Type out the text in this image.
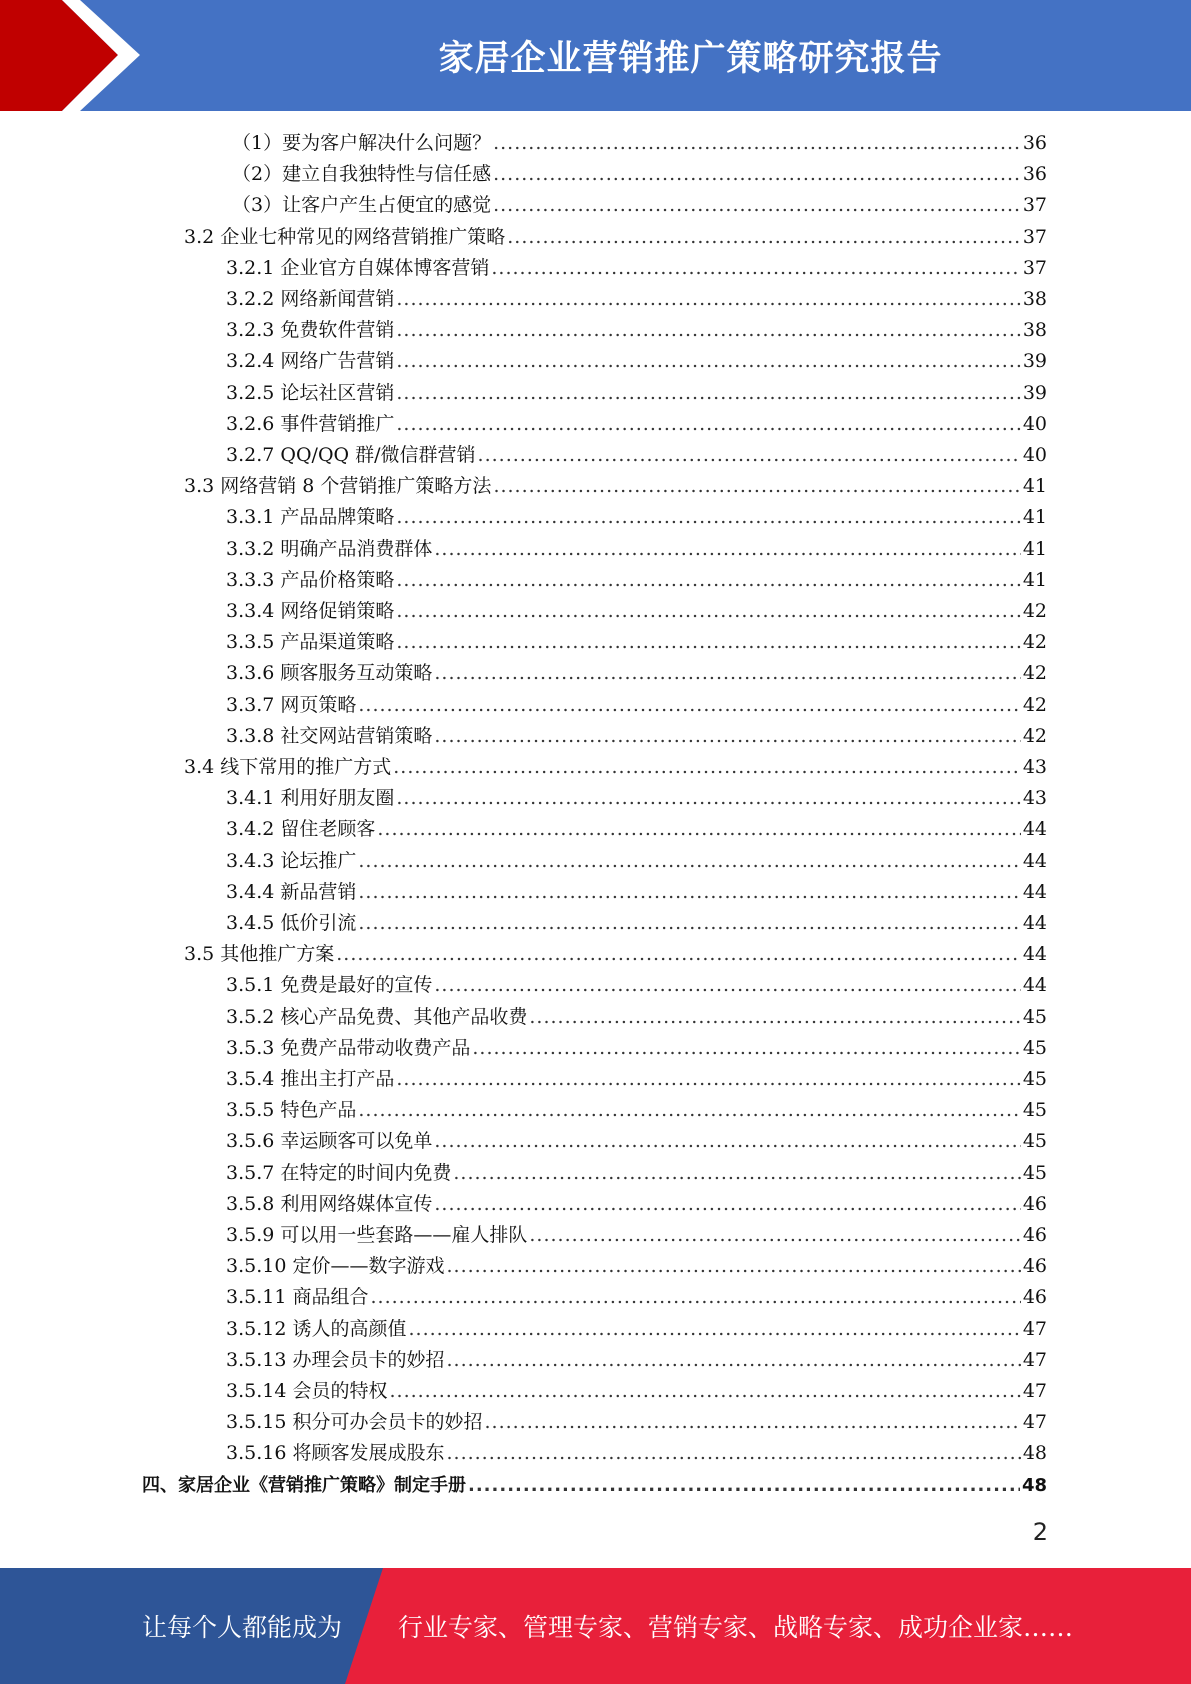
家居企业营销推广策略研究报告
（1）要为客户解决什么问题？ .....	36
（2）建立自我独特性与信任感 .....	36
（3）让客户产生占便宜的感觉 .....	37
3.2 企业七种常见的网络营销推广策略 .....	37
3.2.1 企业官方自媒体博客营销 .....	37
3.2.2 网络新闻营销 .....	38
3.2.3 免费软件营销 .....	38
3.2.4 网络广告营销 .....	39
3.2.5 论坛社区营销 .....	39
3.2.6 事件营销推广 .....	40
3.2.7 QQ/QQ 群/微信群营销 .....	40
3.3 网络营销 8 个营销推广策略方法 .....	41
3.3.1 产品品牌策略 .....	41
3.3.2 明确产品消费群体 .....	41
3.3.3 产品价格策略 .....	41
3.3.4 网络促销策略 .....	42
3.3.5 产品渠道策略 .....	42
3.3.6 顾客服务互动策略 .....	42
3.3.7 网页策略 .....	42
3.3.8 社交网站营销策略 .....	42
3.4 线下常用的推广方式 .....	43
3.4.1 利用好朋友圈 .....	43
3.4.2 留住老顾客 .....	44
3.4.3 论坛推广 .....	44
3.4.4 新品营销 .....	44
3.4.5 低价引流 .....	44
3.5 其他推广方案 .....	44
3.5.1 免费是最好的宣传 .....	44
3.5.2 核心产品免费、其他产品收费 .....	45
3.5.3 免费产品带动收费产品 .....	45
3.5.4 推出主打产品 .....	45
3.5.5 特色产品 .....	45
3.5.6 幸运顾客可以免单 .....	45
3.5.7 在特定的时间内免费 .....	45
3.5.8 利用网络媒体宣传 .....	46
3.5.9 可以用一些套路——雇人排队 .....	46
3.5.10 定价——数字游戏 .....	46
3.5.11 商品组合 .....	46
3.5.12 诱人的高颜值 .....	47
3.5.13 办理会员卡的妙招 .....	47
3.5.14 会员的特权 .....	47
3.5.15 积分可办会员卡的妙招 .....	47
3.5.16 将顾客发展成股东 .....	48
四、家居企业《营销推广策略》制定手册 .....	48
2
让每个人都能成为 行业专家、管理专家、营销专家、战略专家、成功企业家……
